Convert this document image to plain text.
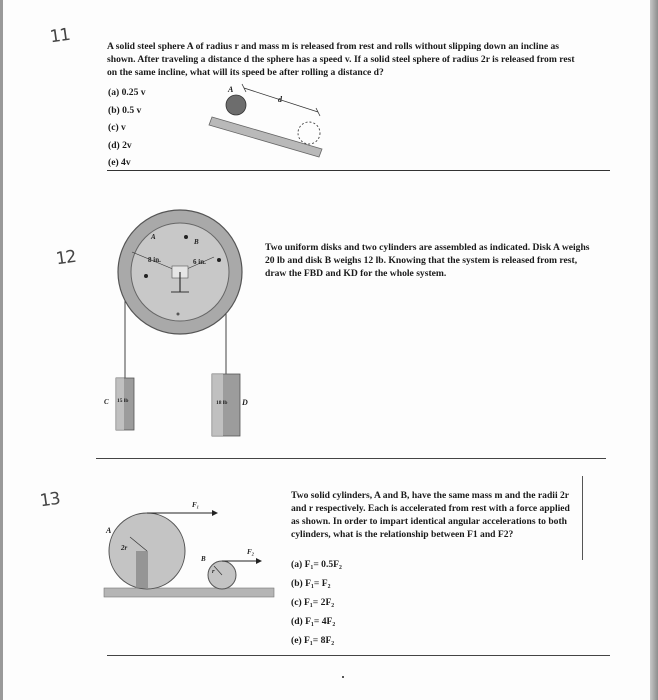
11
12
13
A solid steel sphere A of radius r and mass m is released from rest and rolls without slipping down an incline as shown. After traveling a distance d the sphere has a speed v. If a solid steel sphere of radius 2r is released from rest on the same incline, what will its speed be after rolling a distance d?
(a) 0.25 v
(b) 0.5 v
(c) v
(d) 2v
(e) 4v
A
d
A
B
8 in.	6 in.
C 15 lb	18 lb D
Two uniform disks and two cylinders are assembled as indicated. Disk A weighs 20 lb and disk B weighs 12 lb. Knowing that the system is released from rest, draw the FBD and KD for the whole system.
Two solid cylinders, A and B, have the same mass m and the radii 2r and r respectively. Each is accelerated from rest with a force applied as shown. In order to impart identical angular accelerations to both cylinders, what is the relationship between F1 and F2?
(a) F₁= 0.5F₂
(b) F₁= F₂
(c) F₁= 2F₂
(d) F₁= 4F₂
(e) F₁= 8F₂
A
2r
B
r
F₁
F₂
